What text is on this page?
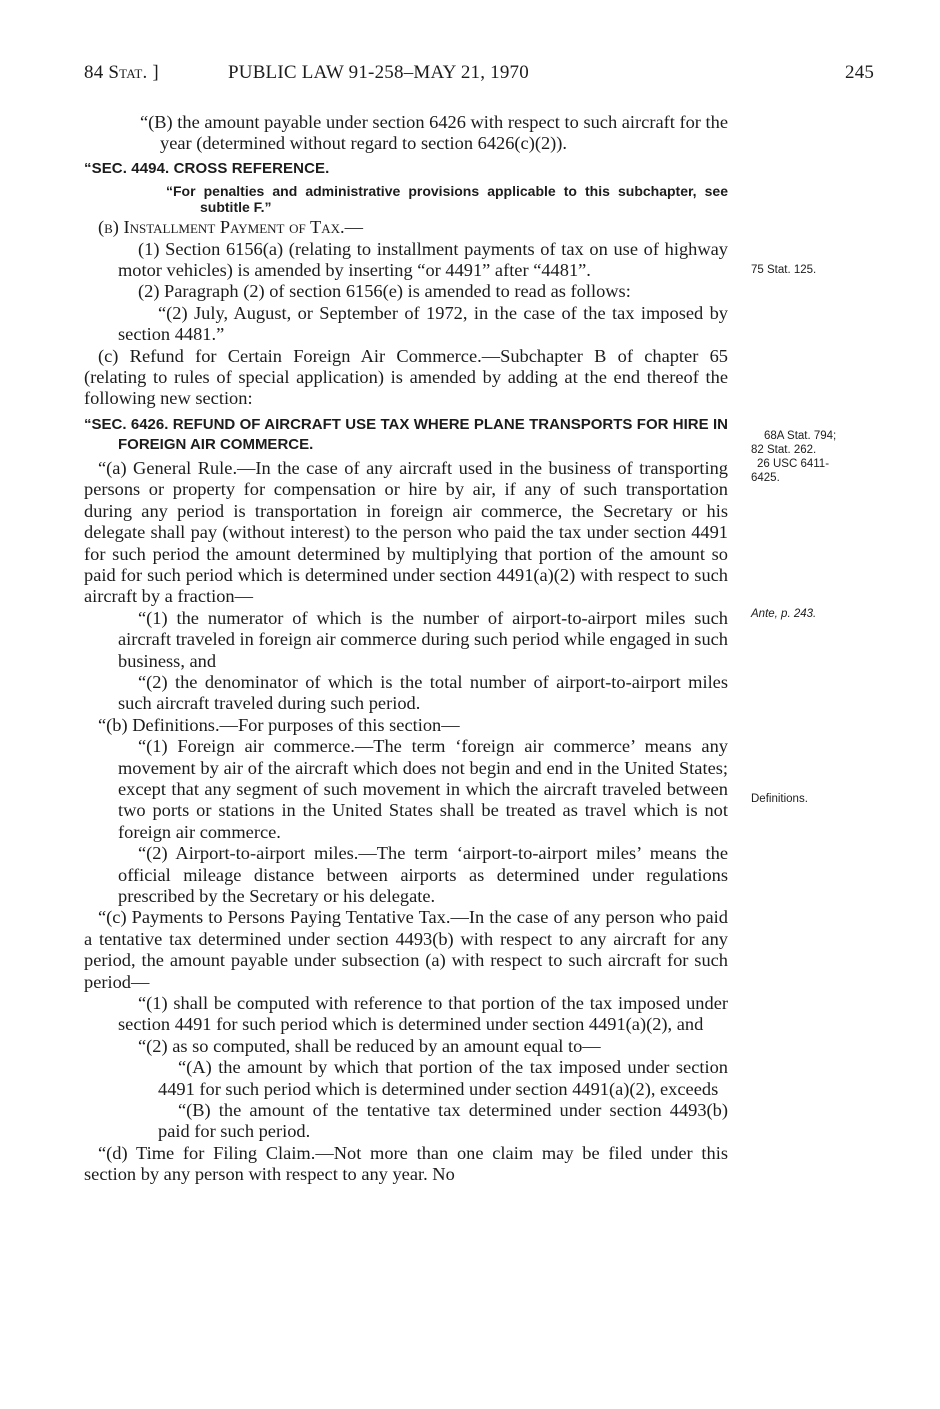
84 Stat. ]	PUBLIC LAW 91-258–MAY 21, 1970	245

“(B) the amount payable under section 6426 with respect to such aircraft for the year (determined without regard to section 6426(c)(2)).

“SEC. 4494. CROSS REFERENCE.

“For penalties and administrative provisions applicable to this subchapter, see subtitle F.”

(b) Installment Payment of Tax.—

(1) Section 6156(a) (relating to installment payments of tax on use of highway motor vehicles) is amended by inserting “or 4491” after “4481”.

(2) Paragraph (2) of section 6156(e) is amended to read as follows:

“(2) July, August, or September of 1972, in the case of the tax imposed by section 4481.”

(c) Refund for Certain Foreign Air Commerce.—Subchapter B of chapter 65 (relating to rules of special application) is amended by adding at the end thereof the following new section:

“SEC. 6426. REFUND OF AIRCRAFT USE TAX WHERE PLANE TRANSPORTS FOR HIRE IN FOREIGN AIR COMMERCE.

“(a) General Rule.—In the case of any aircraft used in the business of transporting persons or property for compensation or hire by air, if any of such transportation during any period is transportation in foreign air commerce, the Secretary or his delegate shall pay (without interest) to the person who paid the tax under section 4491 for such period the amount determined by multiplying that portion of the amount so paid for such period which is determined under section 4491(a)(2) with respect to such aircraft by a fraction—

“(1) the numerator of which is the number of airport-to-airport miles such aircraft traveled in foreign air commerce during such period while engaged in such business, and

“(2) the denominator of which is the total number of airport-to-airport miles such aircraft traveled during such period.

“(b) Definitions.—For purposes of this section—

“(1) Foreign air commerce.—The term ‘foreign air commerce’ means any movement by air of the aircraft which does not begin and end in the United States; except that any segment of such movement in which the aircraft traveled between two ports or stations in the United States shall be treated as travel which is not foreign air commerce.

“(2) Airport-to-airport miles.—The term ‘airport-to-airport miles’ means the official mileage distance between airports as determined under regulations prescribed by the Secretary or his delegate.

“(c) Payments to Persons Paying Tentative Tax.—In the case of any person who paid a tentative tax determined under section 4493(b) with respect to any aircraft for any period, the amount payable under subsection (a) with respect to such aircraft for such period—

“(1) shall be computed with reference to that portion of the tax imposed under section 4491 for such period which is determined under section 4491(a)(2), and

“(2) as so computed, shall be reduced by an amount equal to—

“(A) the amount by which that portion of the tax imposed under section 4491 for such period which is determined under section 4491(a)(2), exceeds

“(B) the amount of the tentative tax determined under section 4493(b) paid for such period.

“(d) Time for Filing Claim.—Not more than one claim may be filed under this section by any person with respect to any year. No

75 Stat. 125.
68A Stat. 794;
82 Stat. 262.
26 USC 6411-
6425.
Ante, p. 243.
Definitions.
